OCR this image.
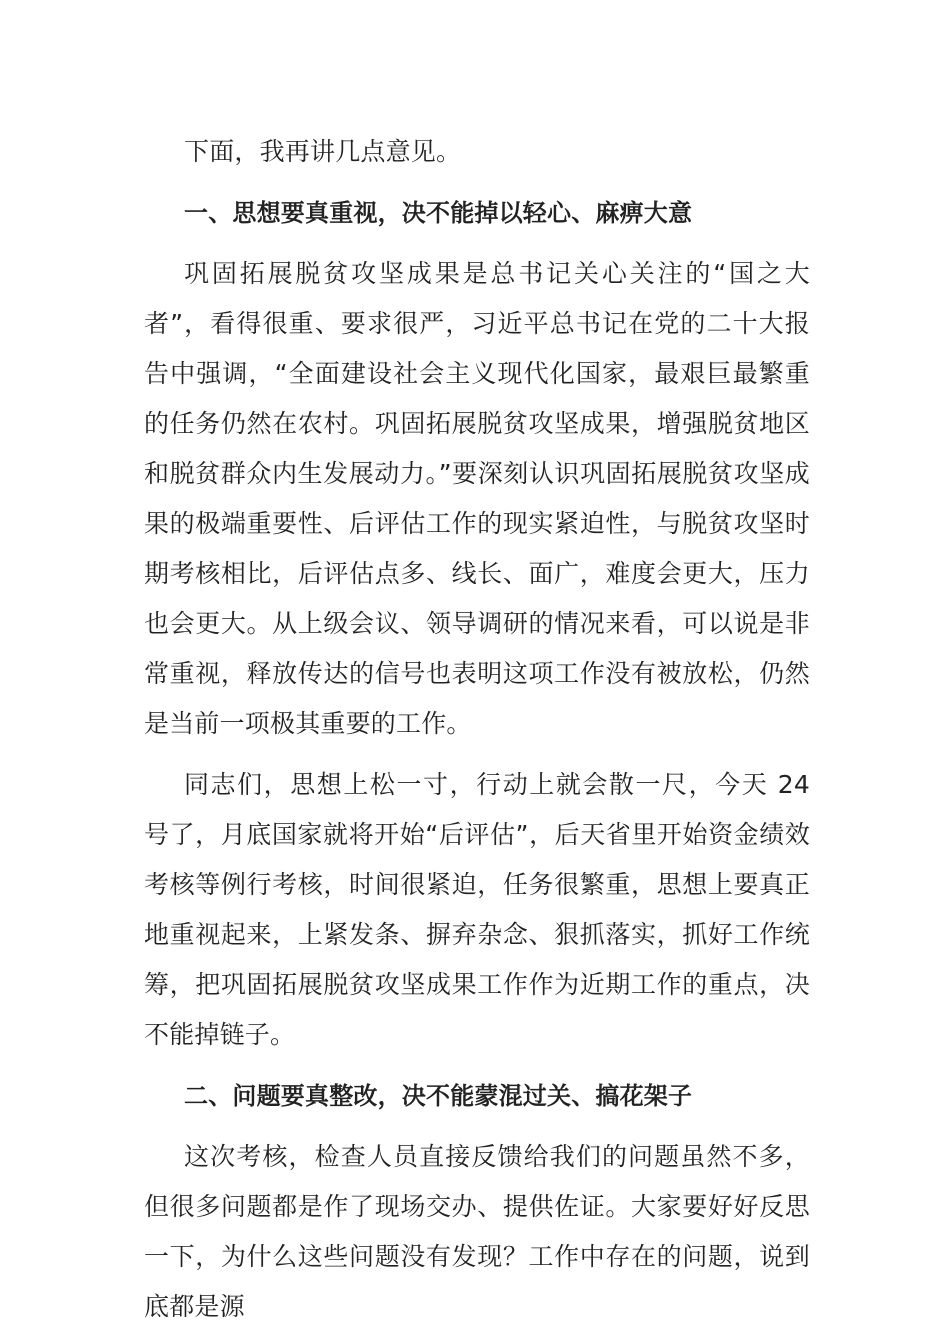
下面，我再讲几点意见。

一、思想要真重视，决不能掉以轻心、麻痹大意

巩固拓展脱贫攻坚成果是总书记关心关注的“国之大者”，看得很重、要求很严，习近平总书记在党的二十大报告中强调，“全面建设社会主义现代化国家，最艰巨最繁重的任务仍然在农村。巩固拓展脱贫攻坚成果，增强脱贫地区和脱贫群众内生发展动力。”要深刻认识巩固拓展脱贫攻坚成果的极端重要性、后评估工作的现实紧迫性，与脱贫攻坚时期考核相比，后评估点多、线长、面广，难度会更大，压力也会更大。从上级会议、领导调研的情况来看，可以说是非常重视，释放传达的信号也表明这项工作没有被放松，仍然是当前一项极其重要的工作。

同志们，思想上松一寸，行动上就会散一尺，今天 24 号了，月底国家就将开始“后评估”，后天省里开始资金绩效考核等例行考核，时间很紧迫，任务很繁重，思想上要真正地重视起来，上紧发条、摒弃杂念、狠抓落实，抓好工作统筹，把巩固拓展脱贫攻坚成果工作作为近期工作的重点，决不能掉链子。

二、问题要真整改，决不能蒙混过关、搞花架子

这次考核，检查人员直接反馈给我们的问题虽然不多，但很多问题都是作了现场交办、提供佐证。大家要好好反思一下，为什么这些问题没有发现？工作中存在的问题，说到底都是源
